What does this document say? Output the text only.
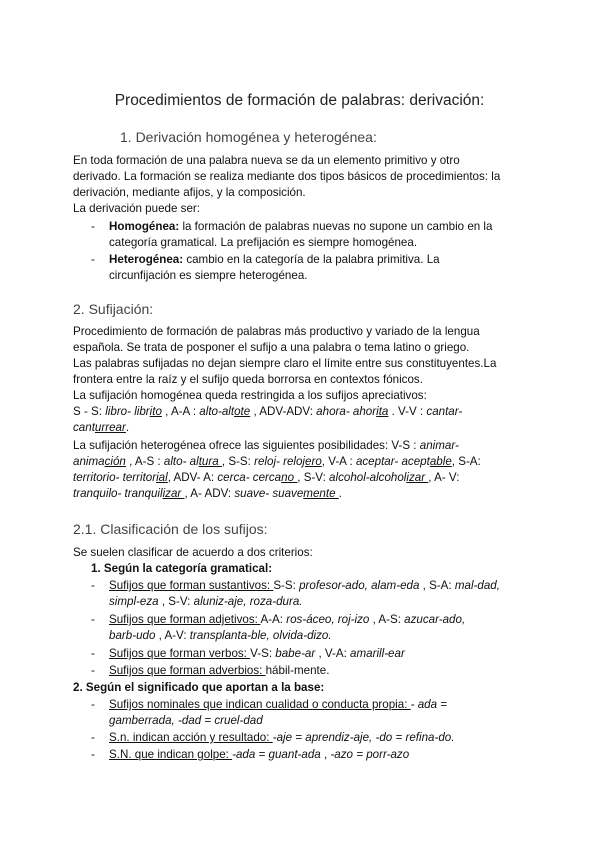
Procedimientos de formación de palabras: derivación:
1. Derivación homogénea y heterogénea:
En toda formación de una palabra nueva se da un elemento primitivo y otro
derivado. La formación se realiza mediante dos tipos básicos de procedimientos: la
derivación, mediante afijos, y la composición.
La derivación puede ser:
- Homogénea: la formación de palabras nuevas no supone un cambio en la
categoría gramatical. La prefijación es siempre homogénea.
- Heterogénea: cambio en la categoría de la palabra primitiva. La
circunfijación es siempre heterogénea.
2. Sufijación:
Procedimiento de formación de palabras más productivo y variado de la lengua
española. Se trata de posponer el sufijo a una palabra o tema latino o griego.
Las palabras sufijadas no dejan siempre claro el límite entre sus constituyentes.La
frontera entre la raíz y el sufijo queda borrorsa en contextos fónicos.
La sufijación homogénea queda restringida a los sufijos apreciativos:
S - S: libro- librito , A-A : alto-altote , ADV-ADV: ahora- ahorita . V-V : cantar-
canturrear.
La sufijación heterogénea ofrece las siguientes posibilidades: V-S : animar-
animación , A-S : alto- altura , S-S: reloj- relojero, V-A : aceptar- aceptable, S-A:
territorio- territorial, ADV- A: cerca- cercano , S-V: alcohol-alcoholizar , A- V:
tranquilo- tranquilizar , A- ADV: suave- suavemente .
2.1. Clasificación de los sufijos:
Se suelen clasificar de acuerdo a dos criterios:
1. Según la categoría gramatical:
- Sufijos que forman sustantivos: S-S: profesor-ado, alam-eda , S-A: mal-dad,
simpl-eza , S-V: aluniz-aje, roza-dura.
- Sufijos que forman adjetivos: A-A: ros-áceo, roj-izo , A-S: azucar-ado,
barb-udo , A-V: transplanta-ble, olvida-dizo.
- Sufijos que forman verbos: V-S: babe-ar , V-A: amarill-ear
- Sufijos que forman adverbios: hábil-mente.
2. Según el significado que aportan a la base:
- Sufijos nominales que indican cualidad o conducta propia: - ada =
gamberrada, -dad = cruel-dad
- S.n. indican acción y resultado: -aje = aprendiz-aje, -do = refina-do.
- S.N. que indican golpe: -ada = guant-ada , -azo = porr-azo
